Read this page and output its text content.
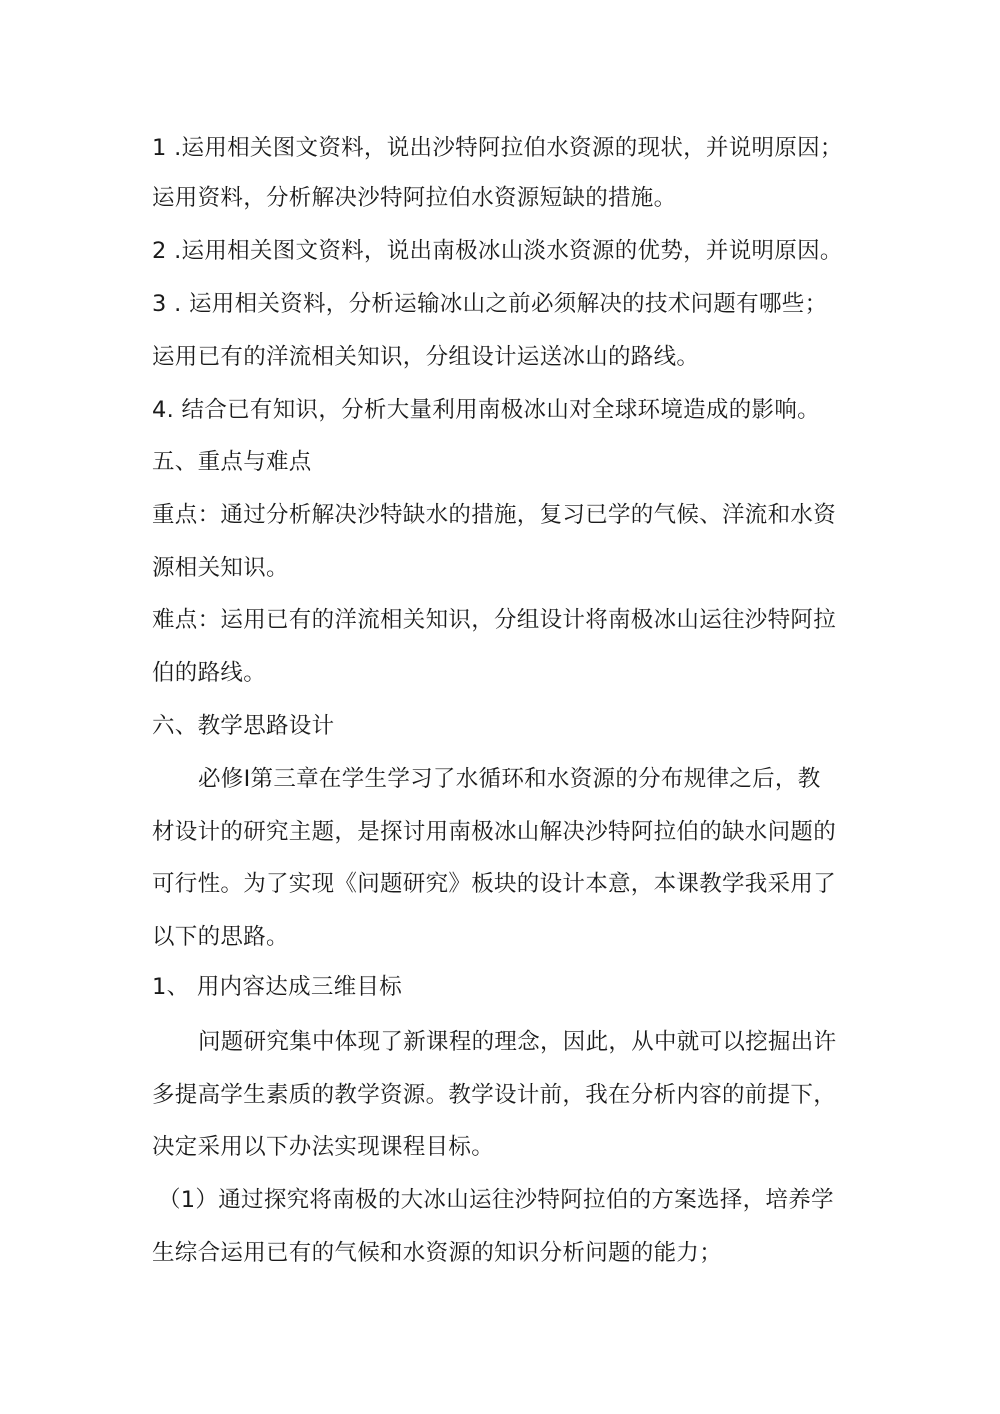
1 .运用相关图文资料，说出沙特阿拉伯水资源的现状，并说明原因；
运用资料，分析解决沙特阿拉伯水资源短缺的措施。
2 .运用相关图文资料，说出南极冰山淡水资源的优势，并说明原因。
3 . 运用相关资料，分析运输冰山之前必须解决的技术问题有哪些；
运用已有的洋流相关知识，分组设计运送冰山的路线。
4. 结合已有知识，分析大量利用南极冰山对全球环境造成的影响。
五、重点与难点
重点：通过分析解决沙特缺水的措施，复习已学的气候、洋流和水资
源相关知识。
难点：运用已有的洋流相关知识，分组设计将南极冰山运往沙特阿拉
伯的路线。
六、教学思路设计
必修Ⅰ第三章在学生学习了水循环和水资源的分布规律之后，教
材设计的研究主题，是探讨用南极冰山解决沙特阿拉伯的缺水问题的
可行性。为了实现《问题研究》板块的设计本意，本课教学我采用了
以下的思路。
1、 用内容达成三维目标
问题研究集中体现了新课程的理念，因此，从中就可以挖掘出许
多提高学生素质的教学资源。教学设计前，我在分析内容的前提下，
决定采用以下办法实现课程目标。
（1）通过探究将南极的大冰山运往沙特阿拉伯的方案选择，培养学
生综合运用已有的气候和水资源的知识分析问题的能力；
